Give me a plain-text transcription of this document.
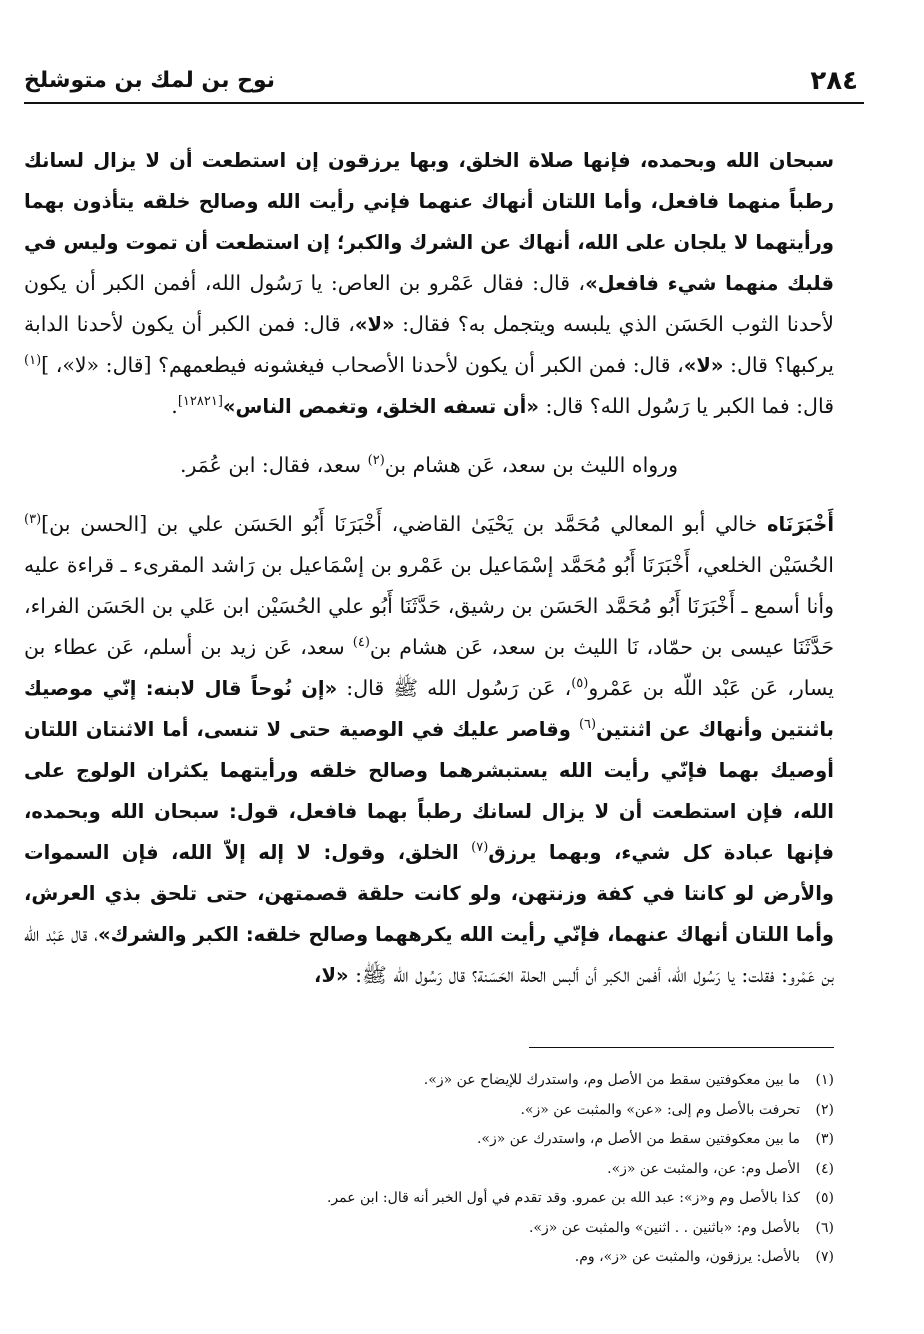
٢٨٤
نوح بن لمك بن متوشلخ

سبحان الله وبحمده، فإنها صلاة الخلق، وبها يرزقون إن استطعت أن لا يزال لسانك رطباً منهما فافعل، وأما اللتان أنهاك عنهما فإني رأيت الله وصالح خلقه يتأذون بهما ورأيتهما لا يلجان على الله، أنهاك عن الشرك والكبر؛ إن استطعت أن تموت وليس في قلبك منهما شيء فافعل»، قال: فقال عَمْرو بن العاص: يا رَسُول الله، أفمن الكبر أن يكون لأحدنا الثوب الحَسَن الذي يلبسه ويتجمل به؟ فقال: «لا»، قال: فمن الكبر أن يكون لأحدنا الدابة يركبها؟ قال: «لا»، قال: فمن الكبر أن يكون لأحدنا الأصحاب فيغشونه فيطعمهم؟ [قال: «لا»، ]$^{(١)}$ قال: فما الكبر يا رَسُول الله؟ قال: «أن تسفه الخلق، وتغمص الناس»[١٢٨٢١].

ورواه الليث بن سعد، عَن هشام بن$^{(٢)}$ سعد، فقال: ابن عُمَر.

أَخْبَرَنَاه خالي أبو المعالي مُحَمَّد بن يَحْيَىٰ القاضي، أَخْبَرَنَا أَبُو الحَسَن علي بن [الحسن بن]$^{(٣)}$ الحُسَيْن الخلعي، أَخْبَرَنَا أَبُو مُحَمَّد إسْمَاعيل بن عَمْرو بن إسْمَاعيل بن رَاشد المقرىء ـ قراءة عليه وأنا أسمع ـ أَخْبَرَنَا أَبُو مُحَمَّد الحَسَن بن رشيق، حَدَّثَنَا أَبُو علي الحُسَيْن ابن عَلي بن الحَسَن الفراء، حَدَّثَنَا عيسى بن حمّاد، نَا الليث بن سعد، عَن هشام بن$^{(٤)}$ سعد، عَن زيد بن أسلم، عَن عطاء بن يسار، عَن عَبْد اللّه بن عَمْرو$^{(٥)}$، عَن رَسُول الله ﷺ قال: «إن نُوحاً قال لابنه: إنّي موصيك باثنتين وأنهاك عن اثنتين$^{(٦)}$ وقاصر عليك في الوصية حتى لا تنسى، أما الاثنتان اللتان أوصيك بهما فإنّي رأيت الله يستبشرهما وصالح خلقه ورأيتهما يكثران الولوج على الله، فإن استطعت أن لا يزال لسانك رطباً بهما فافعل، قول: سبحان الله وبحمده، فإنها عبادة كل شيء، وبهما يرزق$^{(٧)}$ الخلق، وقول: لا إله إلاّ الله، فإن السموات والأرض لو كانتا في كفة وزنتهن، ولو كانت حلقة قصمتهن، حتى تلحق بذي العرش، وأما اللتان أنهاك عنهما، فإنّي رأيت الله يكرههما وصالح خلقه: الكبر والشرك»، قال عَبْد اللّه بن عَمْرو: فقلت: يا رَسُول الله، أفمن الكبر أن ألبس الحلة الحَسَنة؟ قال رَسُول الله ﷺ: «لا،

(١)ما بين معكوفتين سقط من الأصل وم، واستدرك للإيضاح عن «ز».
(٢)تحرفت بالأصل وم إلى: «عن» والمثبت عن «ز».
(٣)ما بين معكوفتين سقط من الأصل م، واستدرك عن «ز».
(٤)الأصل وم: عن، والمثبت عن «ز».
(٥)كذا بالأصل وم و«ز»: عبد الله بن عمرو. وقد تقدم في أول الخبر أنه قال: ابن عمر.
(٦)بالأصل وم: «باثنين . . اثنين» والمثبت عن «ز».
(٧)بالأصل: يرزقون، والمثبت عن «ز»، وم.
